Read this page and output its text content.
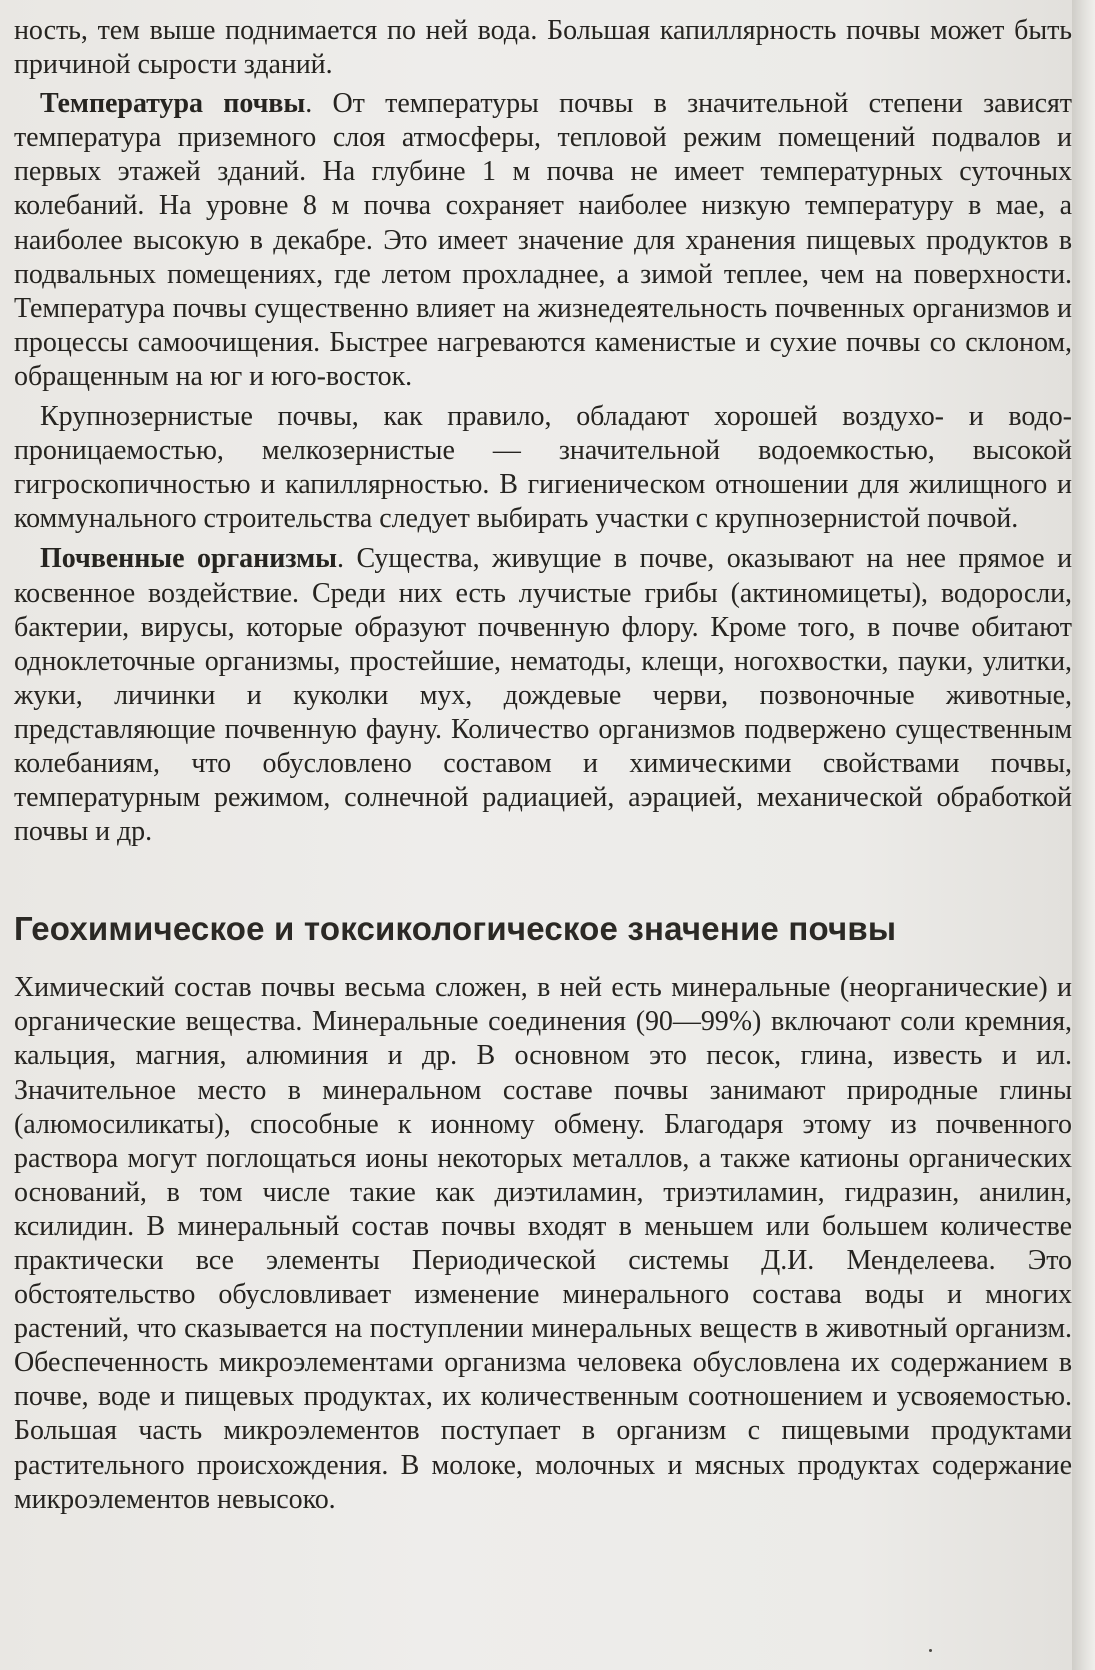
ность, тем выше поднимается по ней вода. Большая капиллярность почвы может быть причиной сырости зданий.

Температура почвы. От температуры почвы в значительной степени зависят температура приземного слоя атмосферы, тепловой режим помещений подвалов и первых этажей зданий. На глубине 1 м почва не имеет температурных суточных колебаний. На уровне 8 м почва сохраняет наиболее низкую температуру в мае, а наиболее высокую в декабре. Это имеет значение для хранения пищевых продуктов в подвальных помещениях, где летом прохладнее, а зимой теплее, чем на поверхности. Температура почвы существенно влияет на жизнедеятельность почвенных организмов и процессы самоочищения. Быстрее нагреваются каменистые и сухие почвы со склоном, обращенным на юг и юго-восток.

Крупнозернистые почвы, как правило, обладают хорошей воздухо- и водопроницаемостью, мелкозернистые — значительной водоемкостью, высокой гигроскопичностью и капиллярностью. В гигиеническом отношении для жилищного и коммунального строительства следует выбирать участки с крупнозернистой почвой.

Почвенные организмы. Существа, живущие в почве, оказывают на нее прямое и косвенное воздействие. Среди них есть лучистые грибы (актиномицеты), водоросли, бактерии, вирусы, которые образуют почвенную флору. Кроме того, в почве обитают одноклеточные организмы, простейшие, нематоды, клещи, ногохвостки, пауки, улитки, жуки, личинки и куколки мух, дождевые черви, позвоночные животные, представляющие почвенную фауну. Количество организмов подвержено существенным колебаниям, что обусловлено составом и химическими свойствами почвы, температурным режимом, солнечной радиацией, аэрацией, механической обработкой почвы и др.

Геохимическое и токсикологическое значение почвы

Химический состав почвы весьма сложен, в ней есть минеральные (неорганические) и органические вещества. Минеральные соединения (90—99%) включают соли кремния, кальция, магния, алюминия и др. В основном это песок, глина, известь и ил. Значительное место в минеральном составе почвы занимают природные глины (алюмосиликаты), способные к ионному обмену. Благодаря этому из почвенного раствора могут поглощаться ионы некоторых металлов, а также катионы органических оснований, в том числе такие как диэтиламин, триэтиламин, гидразин, анилин, ксилидин. В минеральный состав почвы входят в меньшем или большем количестве практически все элементы Периодической системы Д.И. Менделеева. Это обстоятельство обусловливает изменение минерального состава воды и многих растений, что сказывается на поступлении минеральных веществ в животный организм. Обеспеченность микроэлементами организма человека обусловлена их содержанием в почве, воде и пищевых продуктах, их количественным соотношением и усвояемостью. Большая часть микроэлементов поступает в организм с пищевыми продуктами растительного происхождения. В молоке, молочных и мясных продуктах содержание микроэлементов невысоко.
